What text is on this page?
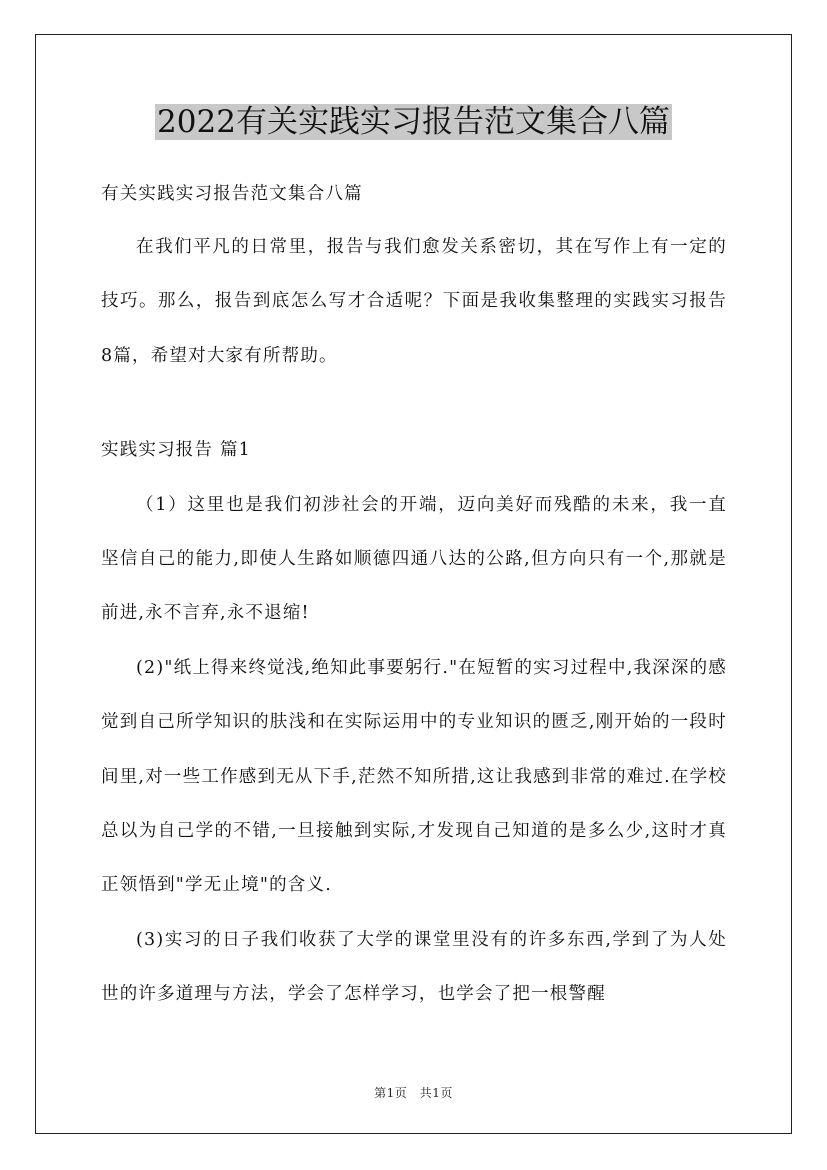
2022有关实践实习报告范文集合八篇

有关实践实习报告范文集合八篇

在我们平凡的日常里，报告与我们愈发关系密切，其在写作上有一定的技巧。那么，报告到底怎么写才合适呢？下面是我收集整理的实践实习报告8篇，希望对大家有所帮助。

实践实习报告 篇1

（1）这里也是我们初涉社会的开端，迈向美好而残酷的未来，我一直坚信自己的能力,即使人生路如顺德四通八达的公路,但方向只有一个,那就是前进,永不言弃,永不退缩!

(2)"纸上得来终觉浅,绝知此事要躬行."在短暂的实习过程中,我深深的感觉到自己所学知识的肤浅和在实际运用中的专业知识的匮乏,刚开始的一段时间里,对一些工作感到无从下手,茫然不知所措,这让我感到非常的难过.在学校总以为自己学的不错,一旦接触到实际,才发现自己知道的是多么少,这时才真正领悟到"学无止境"的含义.

(3)实习的日子我们收获了大学的课堂里没有的许多东西,学到了为人处世的许多道理与方法，学会了怎样学习，也学会了把一根警醒

第1页　共1页
